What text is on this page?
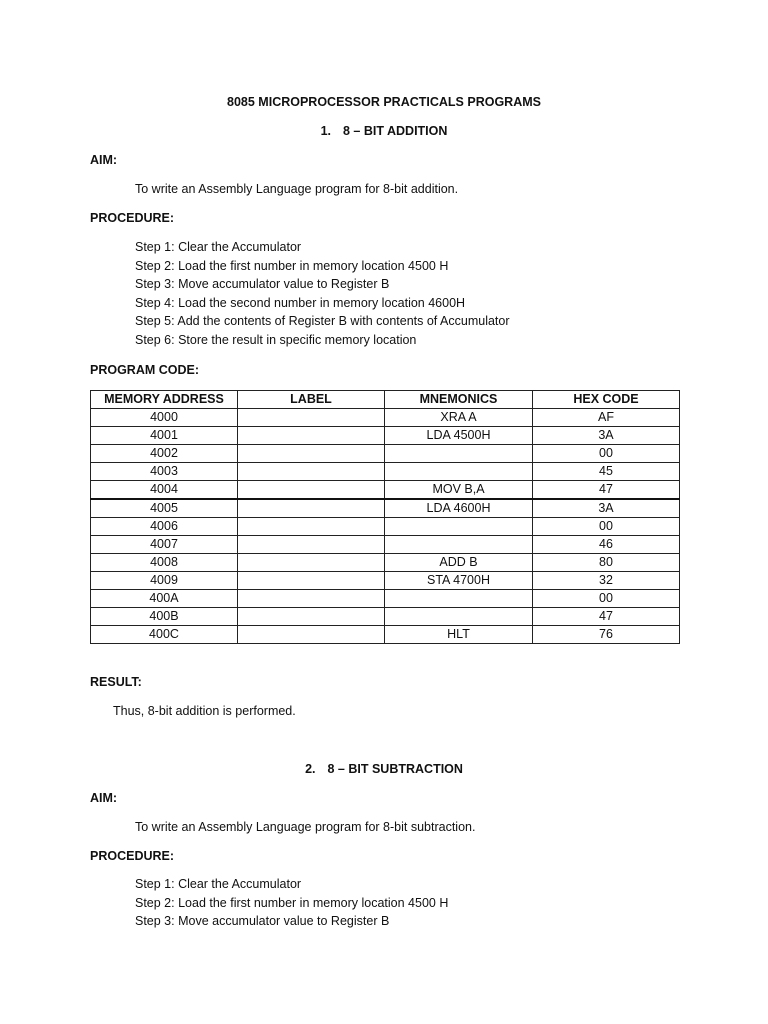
8085 MICROPROCESSOR PRACTICALS PROGRAMS
1. 8 – BIT ADDITION
AIM:
To write an Assembly Language program for 8-bit addition.
PROCEDURE:
Step 1: Clear the Accumulator
Step 2: Load the first number in memory location 4500 H
Step 3: Move accumulator value to Register B
Step 4: Load the second number in memory location 4600H
Step 5: Add the contents of Register B with contents of Accumulator
Step 6: Store the result in specific memory location
PROGRAM CODE:
MEMORY ADDRESS	LABEL	MNEMONICS	HEX CODE
4000		XRA A	AF
4001		LDA 4500H	3A
4002			00
4003			45
4004		MOV B,A	47
4005		LDA 4600H	3A
4006			00
4007			46
4008		ADD B	80
4009		STA 4700H	32
400A			00
400B			47
400C		HLT	76
RESULT:
Thus, 8-bit addition is performed.
2. 8 – BIT SUBTRACTION
AIM:
To write an Assembly Language program for 8-bit subtraction.
PROCEDURE:
Step 1: Clear the Accumulator
Step 2: Load the first number in memory location 4500 H
Step 3: Move accumulator value to Register B
